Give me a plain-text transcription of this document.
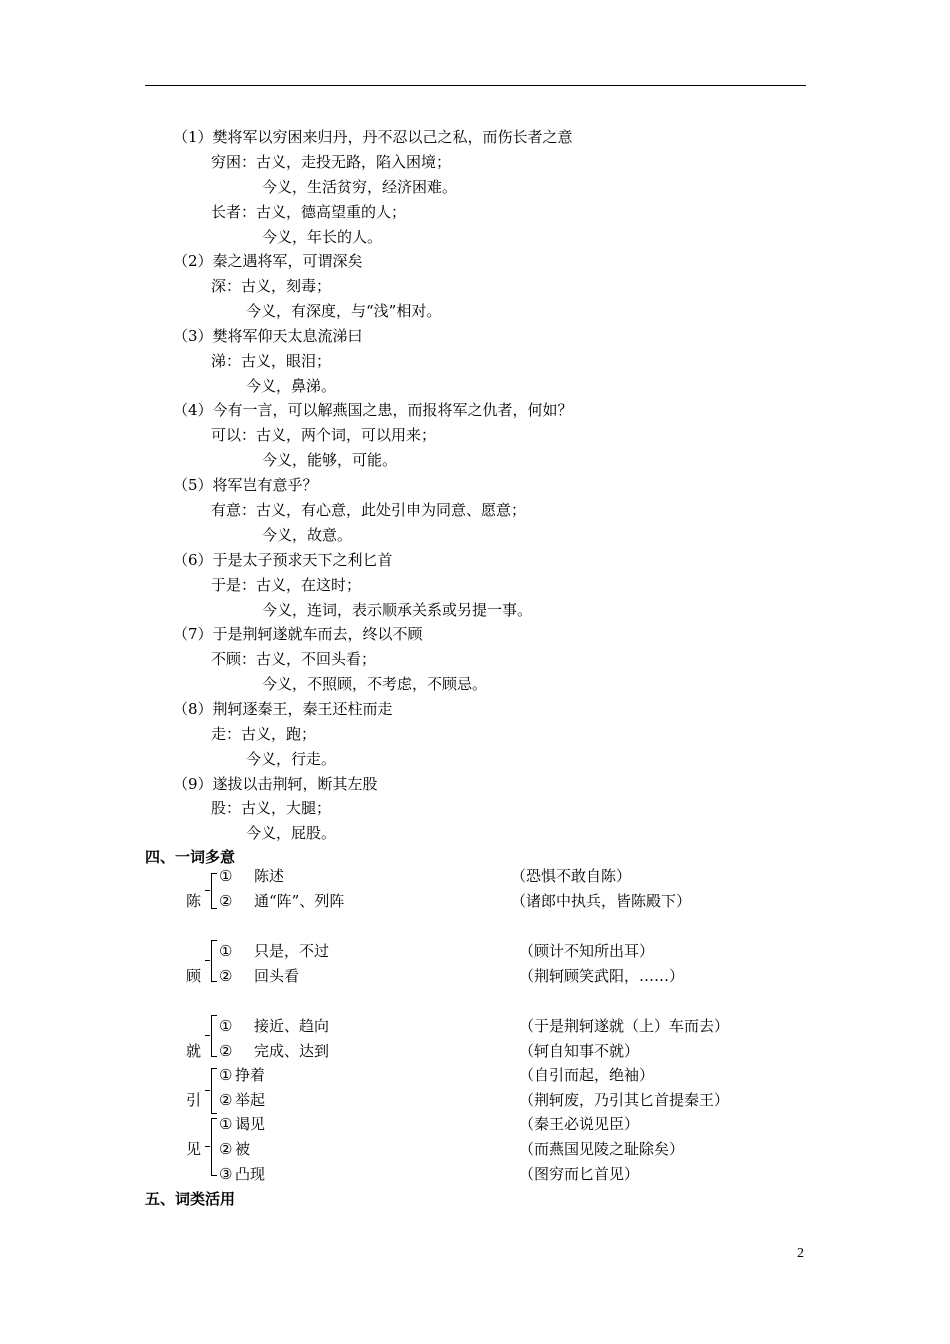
（1）樊将军以穷困来归丹，丹不忍以己之私，而伤长者之意
穷困：古义，走投无路，陷入困境；
今义，生活贫穷，经济困难。
长者：古义，德高望重的人；
今义，年长的人。
（2）秦之遇将军，可谓深矣
深：古义，刻毒；
今义，有深度，与“浅”相对。
（3）樊将军仰天太息流涕曰
涕：古义，眼泪；
今义，鼻涕。
（4）今有一言，可以解燕国之患，而报将军之仇者，何如？
可以：古义，两个词，可以用来；
今义，能够，可能。
（5）将军岂有意乎？
有意：古义，有心意，此处引申为同意、愿意；
今义，故意。
（6）于是太子预求天下之利匕首
于是：古义，在这时；
今义，连词，表示顺承关系或另提一事。
（7）于是荆轲遂就车而去，终以不顾
不顾：古义，不回头看；
今义，不照顾，不考虑，不顾忌。
（8）荆轲逐秦王，秦王还柱而走
走：古义，跑；
今义，行走。
（9）遂拔以击荆轲，断其左股
股：古义，大腿；
今义，屁股。
四、一词多意
陈
① 陈述	（恐惧不敢自陈）
② 通“阵”、列阵	（诸郎中执兵，皆陈殿下）
顾
① 只是，不过	（顾计不知所出耳）
② 回头看	（荆轲顾笑武阳，……）
就
① 接近、趋向	（于是荆轲遂就（上）车而去）
② 完成、达到	（轲自知事不就）
引
① 挣着	（自引而起，绝袖）
② 举起	（荆轲废，乃引其匕首提秦王）
见
① 谒见	（秦王必说见臣）
② 被	（而燕国见陵之耻除矣）
③ 凸现	（图穷而匕首见）
五、词类活用
2
